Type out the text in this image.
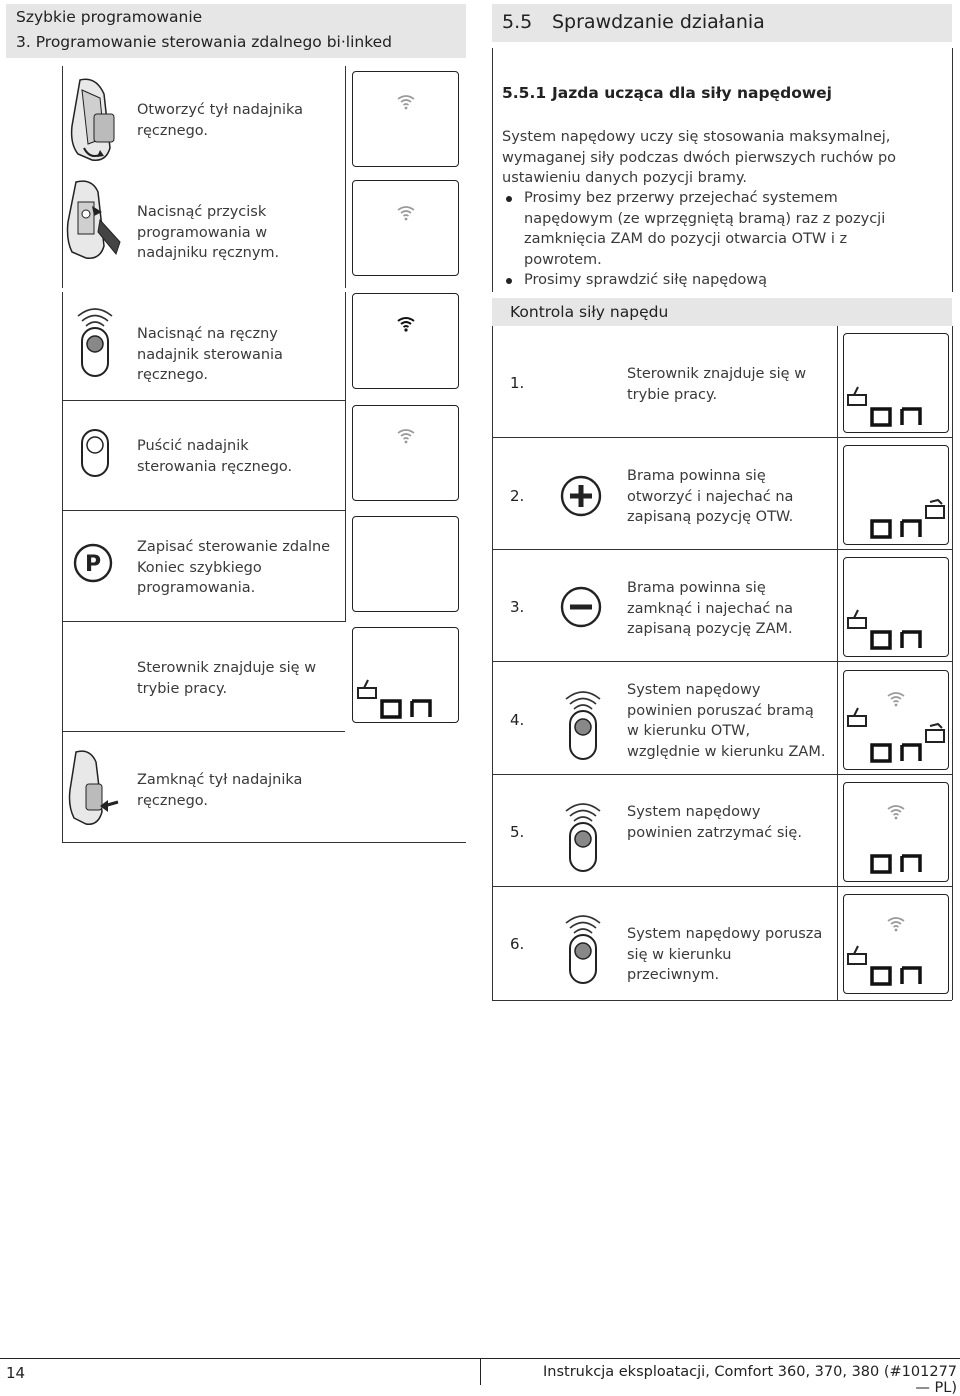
Szybkie programowanie
3. Programowanie sterowania zdalnego bi·linked
Otworzyć tył nadajnika ręcznego.
Nacisnąć przycisk programowania w nadajniku ręcznym.
Nacisnąć na ręczny nadajnik sterowania ręcznego.
Puścić nadajnik sterowania ręcznego.
P
Zapisać sterowanie zdalne Koniec szybkiego programowania.
Sterownik znajduje się w trybie pracy.
Zamknąć tył nadajnika ręcznego.
5.5 Sprawdzanie działania
5.5.1 Jazda ucząca dla siły napędowej
System napędowy uczy się stosowania maksymalnej, wymaganej siły podczas dwóch pierwszych ruchów po ustawieniu danych pozycji bramy.
Prosimy bez przerwy przejechać systemem napędowym (ze wprzęgniętą bramą) raz z pozycji zamknięcia ZAM do pozycji otwarcia OTW i z powrotem.
Prosimy sprawdzić siłę napędową
Kontrola siły napędu
1.	Sterownik znajduje się w trybie pracy.
2.
Brama powinna się otworzyć i najechać na zapisaną pozycję OTW.
3.
Brama powinna się zamknąć i najechać na zapisaną pozycję ZAM.
4.
System napędowy powinien poruszać bramą w kierunku OTW, względnie w kierunku ZAM.
5.
System napędowy powinien zatrzymać się.
6.
System napędowy porusza się w kierunku przeciwnym.
14	Instrukcja eksploatacji, Comfort 360, 370, 380 (#101277 — PL)
